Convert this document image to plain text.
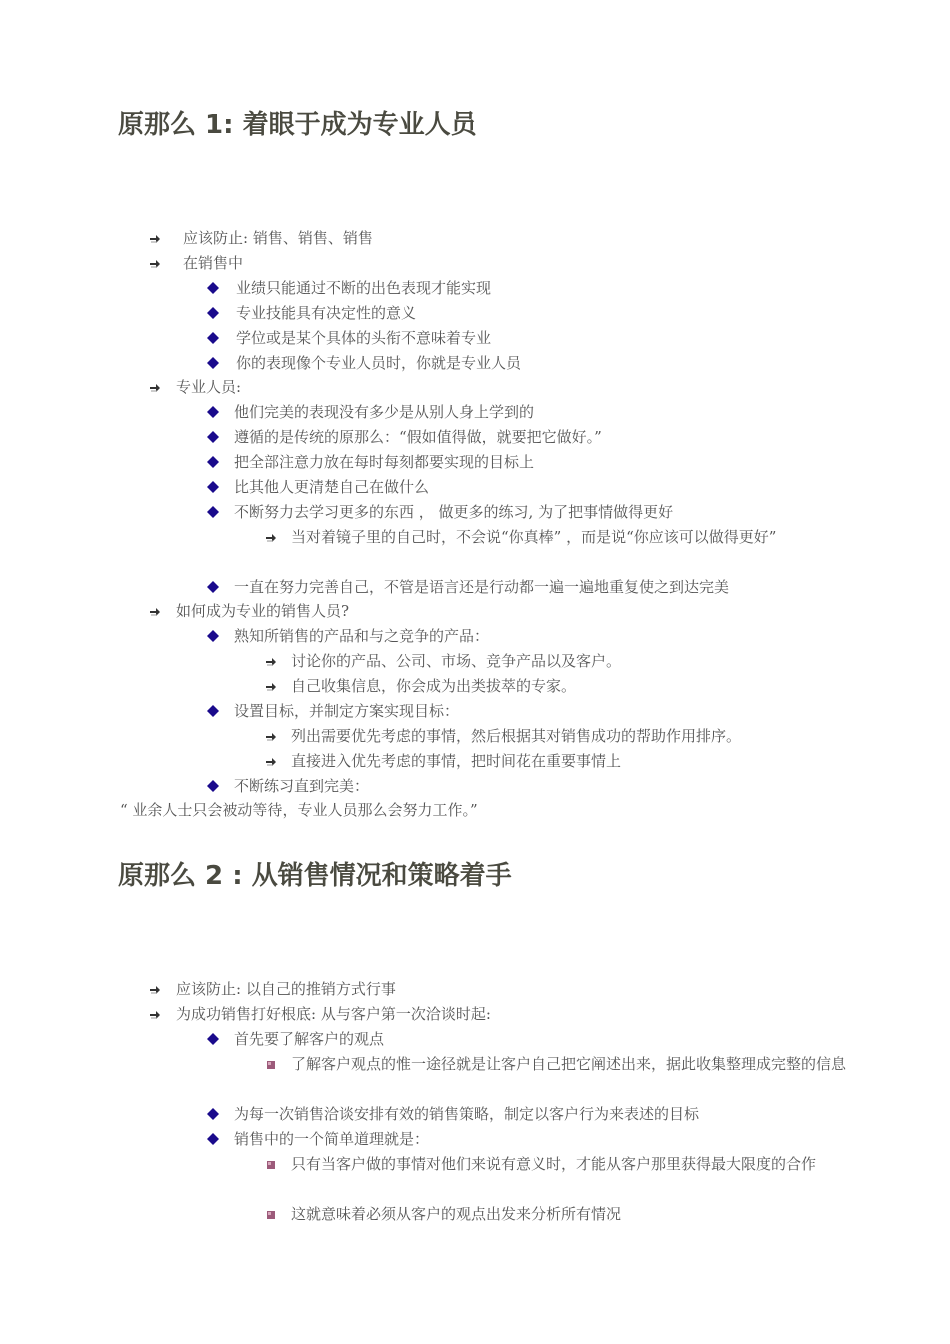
原那么 1: 着眼于成为专业人员
应该防止: 销售、销售、销售
在销售中
业绩只能通过不断的出色表现才能实现
专业技能具有决定性的意义
学位或是某个具体的头衔不意味着专业
你的表现像个专业人员时，你就是专业人员
专业人员:
他们完美的表现没有多少是从别人身上学到的
遵循的是传统的原那么：“假如值得做，就要把它做好。”
把全部注意力放在每时每刻都要实现的目标上
比其他人更清楚自己在做什么
不断努力去学习更多的东西 ， 做更多的练习, 为了把事情做得更好
当对着镜子里的自己时，不会说“你真棒” ，而是说“你应该可以做得更好”
一直在努力完善自己，不管是语言还是行动都一遍一遍地重复使之到达完美
如何成为专业的销售人员?
熟知所销售的产品和与之竞争的产品：
讨论你的产品、公司、市场、竞争产品以及客户。
自己收集信息，你会成为出类拔萃的专家。
设置目标，并制定方案实现目标：
列出需要优先考虑的事情，然后根据其对销售成功的帮助作用排序。
直接进入优先考虑的事情，把时间花在重要事情上
不断练习直到完美：
“ 业余人士只会被动等待，专业人员那么会努力工作。”
原那么 2 : 从销售情况和策略着手
应该防止: 以自己的推销方式行事
为成功销售打好根底: 从与客户第一次洽谈时起:
首先要了解客户的观点
了解客户观点的惟一途径就是让客户自己把它阐述出来，据此收集整理成完整的信息
为每一次销售洽谈安排有效的销售策略，制定以客户行为来表述的目标
销售中的一个简单道理就是：
只有当客户做的事情对他们来说有意义时，才能从客户那里获得最大限度的合作
这就意味着必须从客户的观点出发来分析所有情况
